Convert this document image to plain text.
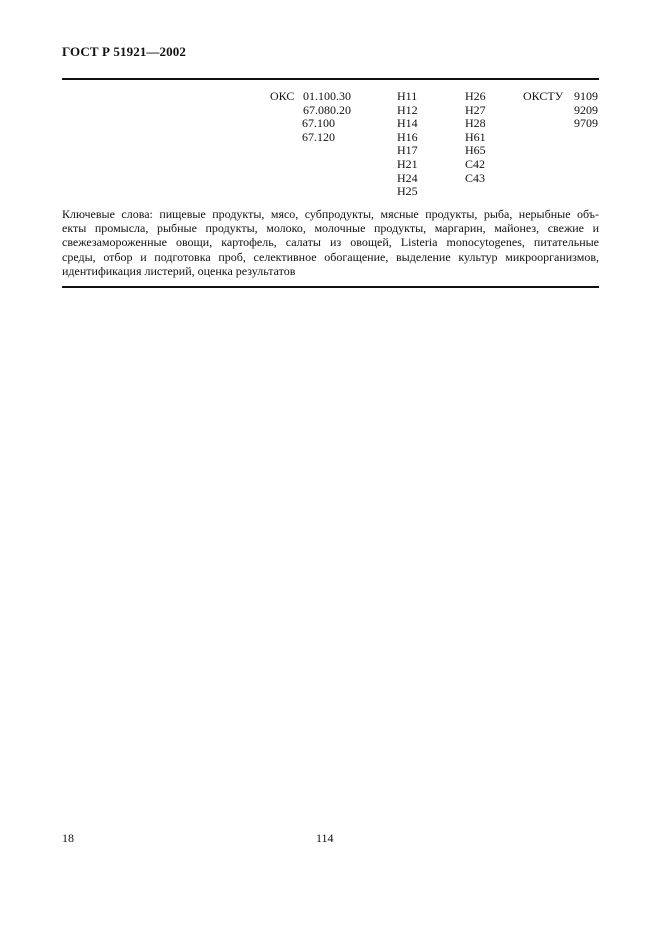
ГОСТ Р 51921—2002
ОКС 01.100.30
67.080.20
67.100
67.120
Н11
Н12
Н14
Н16
Н17
Н21
Н24
Н25
Н26
Н27
Н28
Н61
Н65
С42
С43
ОКСТУ 9109
9209
9709
Ключевые слова: пищевые продукты, мясо, субпродукты, мясные продукты, рыба, нерыбные объ-
екты промысла, рыбные продукты, молоко, молочные продукты, маргарин, майонез, свежие и
свежезамороженные овощи, картофель, салаты из овощей, Listeria monocytogenes, питательные
среды, отбор и подготовка проб, селективное обогащение, выделение культур микроорганизмов,
идентификация листерий, оценка результатов
18	114
